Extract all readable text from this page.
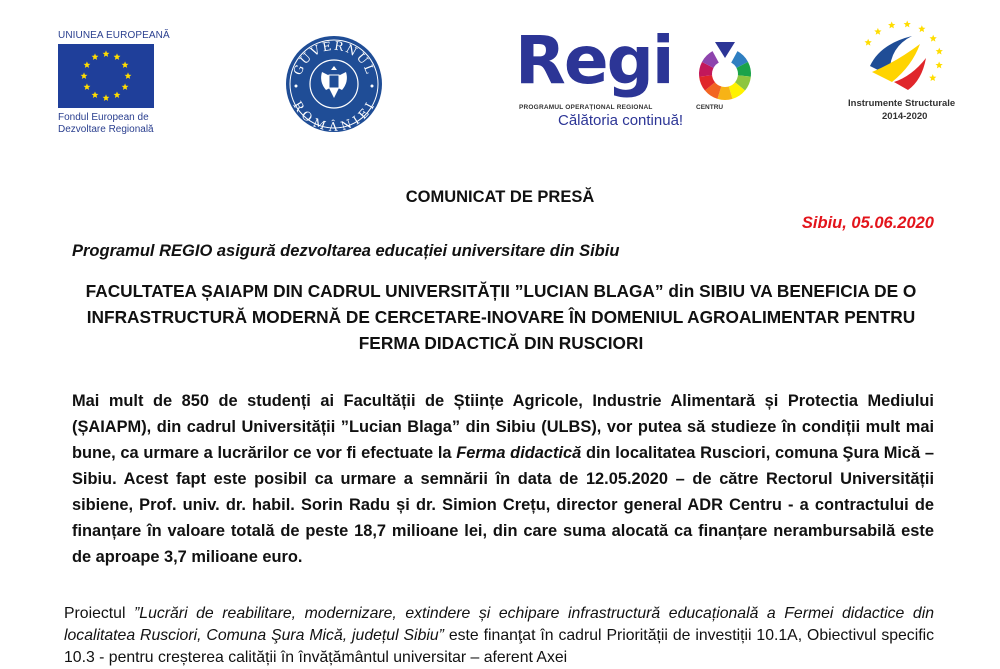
UNIUNEA EUROPEANĂ
Fondul European de
Dezvoltare Regională
GUVERNUL
ROMÂNIEI
Regi
PROGRAMUL OPERAȚIONAL REGIONAL	CENTRU
Călătoria continuă!
Instrumente Structurale
2014-2020
COMUNICAT DE PRESĂ
Sibiu, 05.06.2020
Programul REGIO asigură dezvoltarea educației universitare din Sibiu
FACULTATEA ȘAIAPM DIN CADRUL UNIVERSITĂȚII ”LUCIAN BLAGA” din SIBIU VA BENEFICIA DE O INFRASTRUCTURĂ MODERNĂ DE CERCETARE-INOVARE ÎN DOMENIUL AGROALIMENTAR PENTRU FERMA DIDACTICĂ DIN RUSCIORI

Mai mult de 850 de studenți ai Facultății de Științe Agricole, Industrie Alimentară și Protectia Mediului (ȘAIAPM), din cadrul Universității ”Lucian Blaga” din Sibiu (ULBS), vor putea să studieze în condiții mult mai bune, ca urmare a lucrărilor ce vor fi efectuate la Ferma didactică din localitatea Rusciori, comuna Şura Mică – Sibiu. Acest fapt este posibil ca urmare a semnării în data de 12.05.2020 – de către Rectorul Universității sibiene, Prof. univ. dr. habil. Sorin Radu și dr. Simion Crețu, director general ADR Centru - a contractului de finanțare în valoare totală de peste 18,7 milioane lei, din care suma alocată ca finanțare nerambursabilă este de aproape 3,7 milioane euro.

Proiectul ”Lucrări de reabilitare, modernizare, extindere și echipare infrastructură educațională a Fermei didactice din localitatea Rusciori, Comuna Şura Mică, județul Sibiu” este finanţat în cadrul Priorității de investiții 10.1A, Obiectivul specific 10.3 - pentru creșterea calității în învățământul universitar – aferent Axei
